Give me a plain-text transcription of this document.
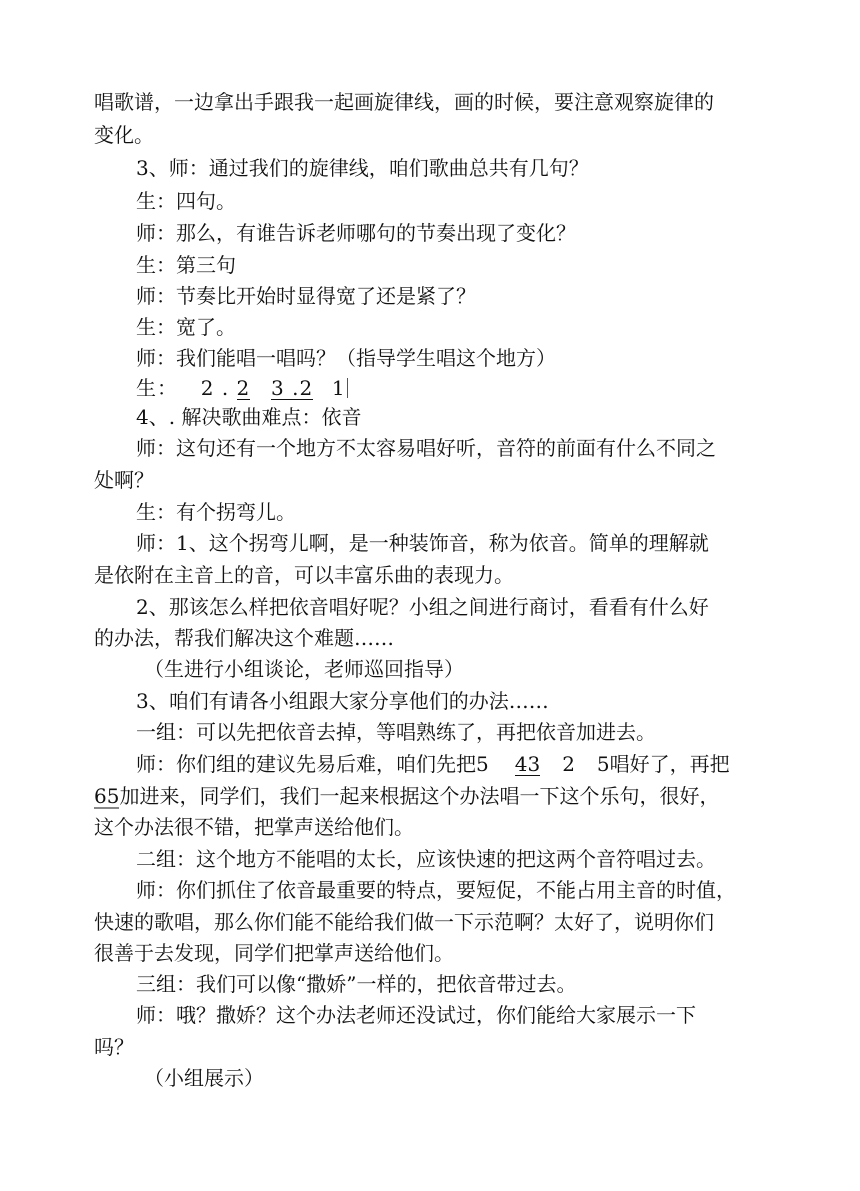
唱歌谱，一边拿出手跟我一起画旋律线，画的时候，要注意观察旋律的
变化。
3、师：通过我们的旋律线，咱们歌曲总共有几句？
生：四句。
师：那么，有谁告诉老师哪句的节奏出现了变化？
生：第三句
师：节奏比开始时显得宽了还是紧了？
生：宽了。
师：我们能唱一唱吗？（指导学生唱这个地方）
生： 2 . 2 3 .2 1
4、. 解决歌曲难点：依音
师：这句还有一个地方不太容易唱好听，音符的前面有什么不同之
处啊？
生：有个拐弯儿。
师：1、这个拐弯儿啊，是一种装饰音，称为依音。简单的理解就
是依附在主音上的音，可以丰富乐曲的表现力。
2、那该怎么样把依音唱好呢？小组之间进行商讨，看看有什么好
的办法，帮我们解决这个难题……
（生进行小组谈论，老师巡回指导）
3、咱们有请各小组跟大家分享他们的办法……
一组：可以先把依音去掉，等唱熟练了，再把依音加进去。
师：你们组的建议先易后难，咱们先把5 43 2 5唱好了，再把
65加进来，同学们，我们一起来根据这个办法唱一下这个乐句，很好，
这个办法很不错，把掌声送给他们。
二组：这个地方不能唱的太长，应该快速的把这两个音符唱过去。
师：你们抓住了依音最重要的特点，要短促，不能占用主音的时值，
快速的歌唱，那么你们能不能给我们做一下示范啊？太好了，说明你们
很善于去发现，同学们把掌声送给他们。
三组：我们可以像“撒娇”一样的，把依音带过去。
师：哦？撒娇？这个办法老师还没试过，你们能给大家展示一下
吗？
（小组展示）
